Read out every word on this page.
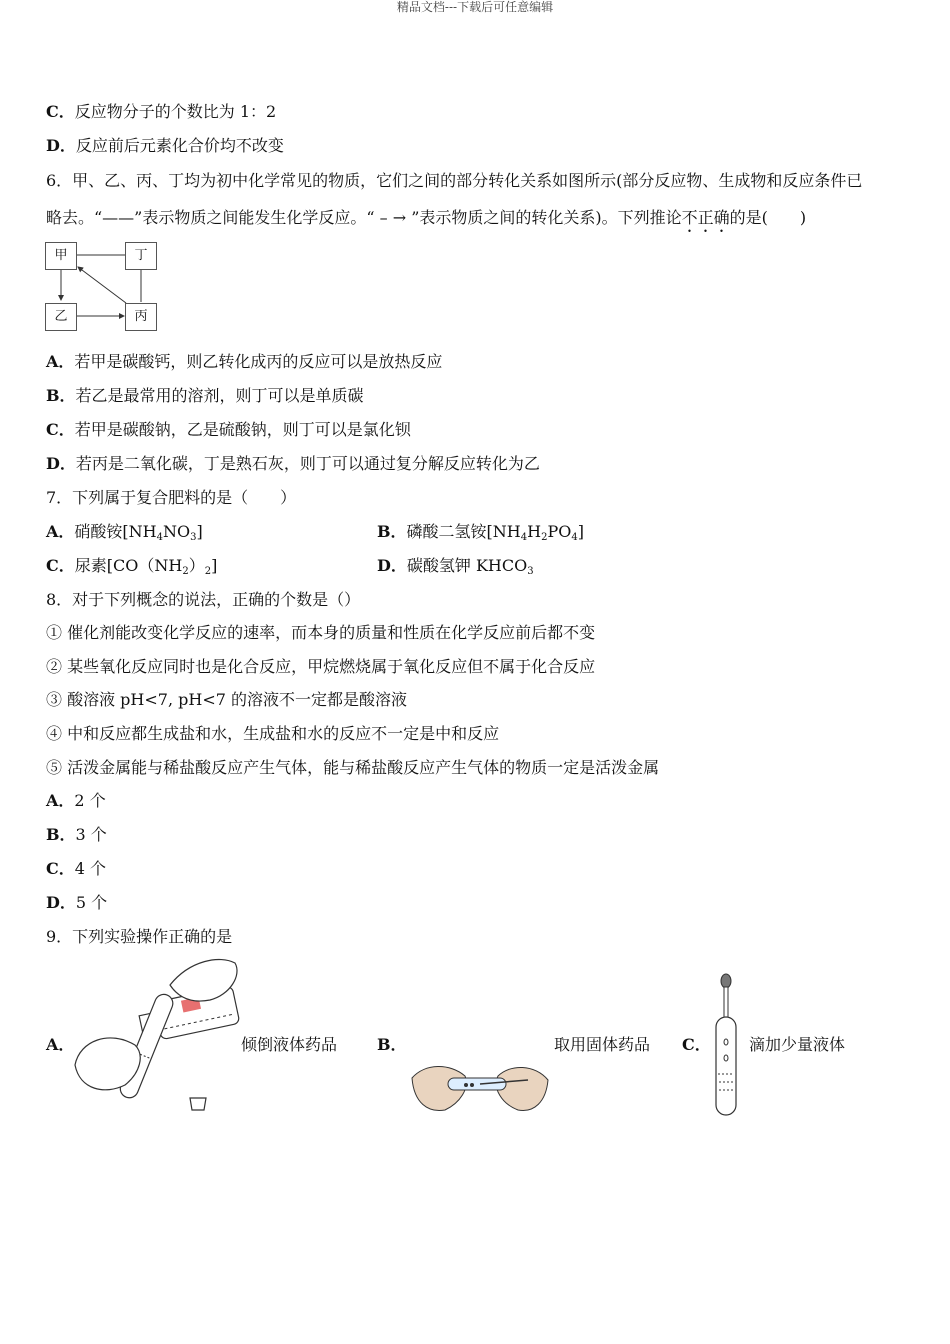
精品文档---下载后可任意编辑
C．反应物分子的个数比为 1：2
D．反应前后元素化合价均不改变
6．甲、乙、丙、丁均为初中化学常见的物质，它们之间的部分转化关系如图所示(部分反应物、生成物和反应条件已
略去。“——”表示物质之间能发生化学反应。“ – → ”表示物质之间的转化关系)。下列推论不正确的是(　　)
甲	丁
乙	丙
A．若甲是碳酸钙，则乙转化成丙的反应可以是放热反应
B．若乙是最常用的溶剂，则丁可以是单质碳
C．若甲是碳酸钠，乙是硫酸钠，则丁可以是氯化钡
D．若丙是二氧化碳，丁是熟石灰，则丁可以通过复分解反应转化为乙
7．下列属于复合肥料的是（　　）
A．硝酸铵$[NH_4NO_3]$	B．磷酸二氢铵$[NH_4H_2PO_4]$
C．尿素$[CO(NH_2)_2]$	D．碳酸氢钾 $KHCO_3$
8．对于下列概念的说法，正确的个数是（）
① 催化剂能改变化学反应的速率，而本身的质量和性质在化学反应前后都不变
② 某些氧化反应同时也是化合反应，甲烷燃烧属于氧化反应但不属于化合反应
③ 酸溶液 pH<7, pH<7 的溶液不一定都是酸溶液
④ 中和反应都生成盐和水，生成盐和水的反应不一定是中和反应
⑤ 活泼金属能与稀盐酸反应产生气体，能与稀盐酸反应产生气体的物质一定是活泼金属
A．2 个
B．3 个
C．4 个
D．5 个
9．下列实验操作正确的是
A．	倾倒液体药品 B．	取用固体药品 C． 滴加少量液体
